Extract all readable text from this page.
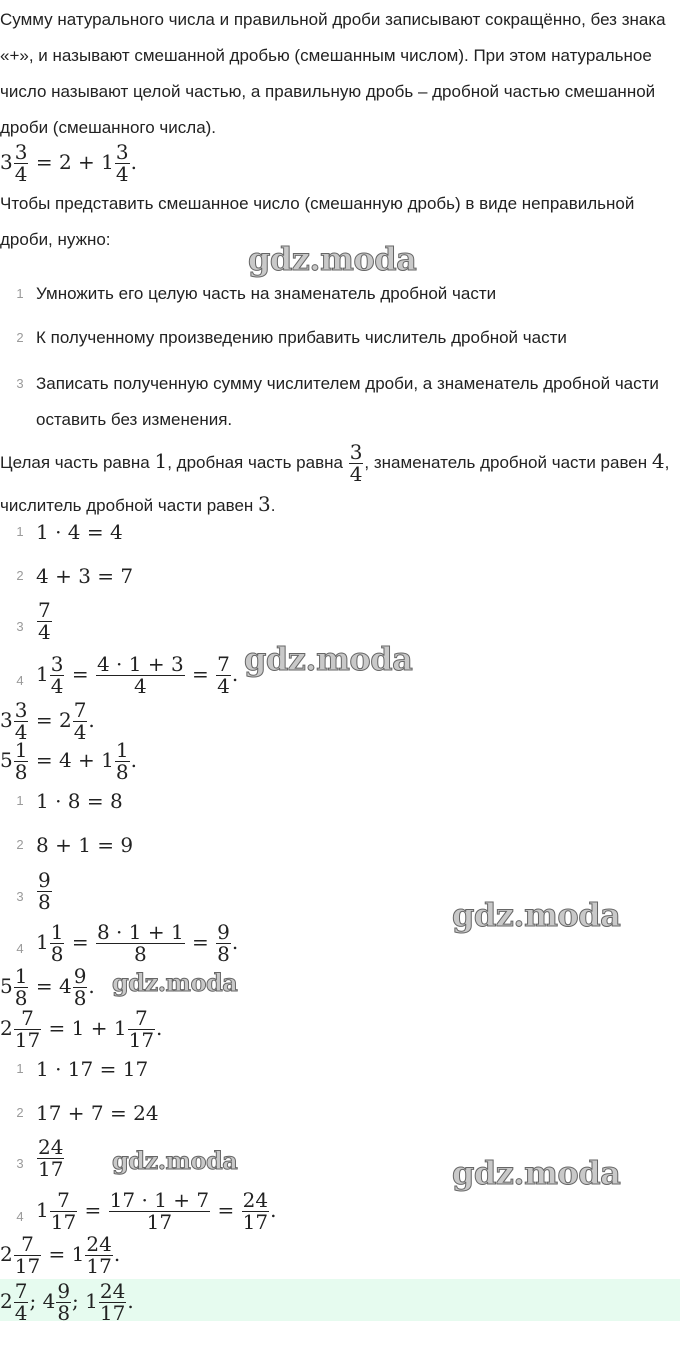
Сумму натурального числа и правильной дроби записывают сокращённо, без знака «+», и называют смешанной дробью (смешанным числом). При этом натуральное число называют целой частью, а правильную дробь – дробной частью смешанной дроби (смешанного числа).
$3 \frac{3}{4} = 2 + 1 \frac{3}{4}$ .
Чтобы представить смешанное число (смешанную дробь) в виде неправильной дроби, нужно:
gdz.moda
1 Умножить его целую часть на знаменатель дробной части
2 К полученному произведению прибавить числитель дробной части
3 Записать полученную сумму числителем дроби, а знаменатель дробной части оставить без изменения.
Целая часть равна 1, дробная часть равна $\frac{3}{4}$ , знаменатель дробной части равен 4, числитель дробной части равен 3.
1 1 · 4 = 4
2 4 + 3 = 7
$3 \frac{7}{4}$
4 $1 \frac{3}{4} = \frac{4 \cdot 1 + 3}{4} = \frac{7}{4}$ . gdz.moda
$3 \frac{3}{4} = 2 \frac{7}{4}$ .
$5 \frac{1}{8} = 4 + 1 \frac{1}{8}$ .
1 1 · 8 = 8
2 8 + 1 = 9
$3 \frac{9}{8}$
gdz.moda
4 $1 \frac{1}{8} = \frac{8 \cdot 1 + 1}{8} = \frac{9}{8}$ .
$5 \frac{1}{8} = 4 \frac{9}{8}$ . gdz.moda
$2 \frac{7}{17} = 1 + 1 \frac{7}{17}$ .
1 1 · 17 = 17
2 17 + 7 = 24
$3 \frac{24}{17}$ gdz.moda	gdz.moda
4 $1 \frac{7}{17} = \frac{17 \cdot 1 + 7}{17} = \frac{24}{17}$ .
$2 \frac{7}{17} = 1 \frac{24}{17}$ .
$2 \frac{7}{4}$ ; $4 \frac{9}{8}$ ; $1 \frac{24}{17}$ .
